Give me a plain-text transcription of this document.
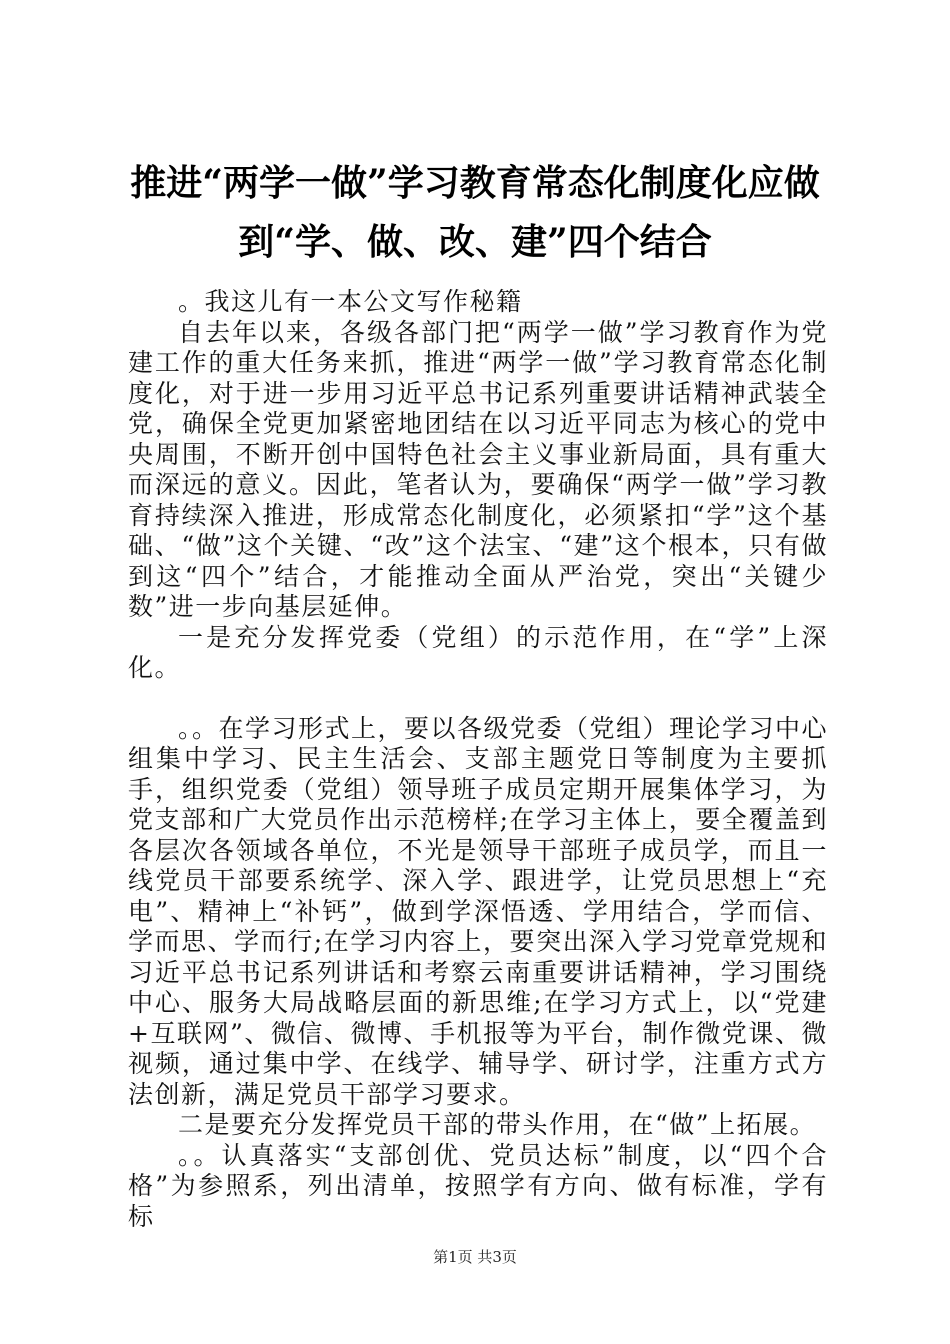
推进“两学一做”学习教育常态化制度化应做
到“学、做、改、建”四个结合

。我这儿有一本公文写作秘籍

自去年以来，各级各部门把“两学一做”学习教育作为党建工作的重大任务来抓，推进“两学一做”学习教育常态化制度化，对于进一步用习近平总书记系列重要讲话精神武装全党，确保全党更加紧密地团结在以习近平同志为核心的党中央周围，不断开创中国特色社会主义事业新局面，具有重大而深远的意义。因此，笔者认为，要确保“两学一做”学习教育持续深入推进，形成常态化制度化，必须紧扣“学”这个基础、“做”这个关键、“改”这个法宝、“建”这个根本，只有做到这“四个”结合，才能推动全面从严治党，突出“关键少数”进一步向基层延伸。

一是充分发挥党委（党组）的示范作用，在“学”上深化。

。。在学习形式上，要以各级党委（党组）理论学习中心组集中学习、民主生活会、支部主题党日等制度为主要抓手，组织党委（党组）领导班子成员定期开展集体学习，为党支部和广大党员作出示范榜样;在学习主体上，要全覆盖到各层次各领域各单位，不光是领导干部班子成员学，而且一线党员干部要系统学、深入学、跟进学，让党员思想上“充电”、精神上“补钙”，做到学深悟透、学用结合，学而信、学而思、学而行;在学习内容上，要突出深入学习党章党规和习近平总书记系列讲话和考察云南重要讲话精神，学习围绕中心、服务大局战略层面的新思维;在学习方式上，以“党建+互联网”、微信、微博、手机报等为平台，制作微党课、微视频，通过集中学、在线学、辅导学、研讨学，注重方式方法创新，满足党员干部学习要求。

二是要充分发挥党员干部的带头作用，在“做”上拓展。

。。认真落实“支部创优、党员达标”制度，以“四个合格”为参照系，列出清单，按照学有方向、做有标准，学有标

第1页 共3页
